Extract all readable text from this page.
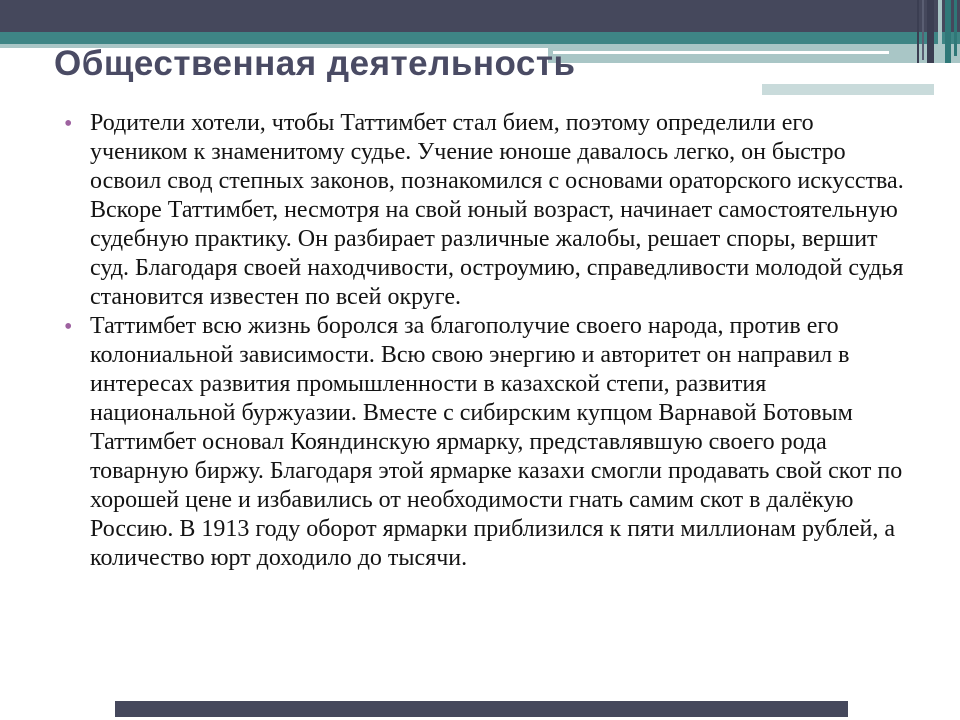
Общественная деятельность
• Родители хотели, чтобы Таттимбет стал бием, поэтому определили его учеником к знаменитому судье. Учение юноше давалось легко, он быстро освоил свод степных законов, познакомился с основами ораторского искусства. Вскоре Таттимбет, несмотря на свой юный возраст, начинает самостоятельную судебную практику. Он разбирает различные жалобы, решает споры, вершит суд. Благодаря своей находчивости, остроумию, справедливости молодой судья становится известен по всей округе.

• Таттимбет всю жизнь боролся за благополучие своего народа, против его колониальной зависимости. Всю свою энергию и авторитет он направил в интересах развития промышленности в казахской степи, развития национальной буржуазии. Вместе с сибирским купцом Варнавой Ботовым Таттимбет основал Кояндинскую ярмарку, представлявшую своего рода товарную биржу. Благодаря этой ярмарке казахи смогли продавать свой скот по хорошей цене и избавились от необходимости гнать самим скот в далёкую Россию. В 1913 году оборот ярмарки приблизился к пяти миллионам рублей, а количество юрт доходило до тысячи.
